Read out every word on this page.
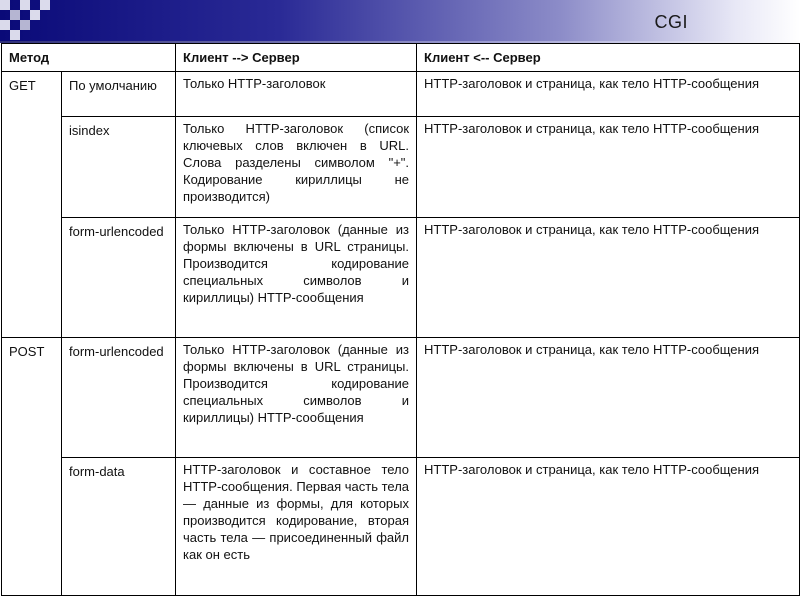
CGI
Метод		Клиент --> Сервер	Клиент <-- Сервер
GET	По умолчанию	Только HTTP-заголовок	HTTP-заголовок и страница, как тело HTTP-сообщения
	isindex	Только HTTP-заголовок (список ключевых слов включен в URL. Слова разделены символом "+". Кодирование кириллицы не производится)	HTTP-заголовок и страница, как тело HTTP-сообщения
	form-urlencoded	Только HTTP-заголовок (данные из формы включены в URL страницы. Производится кодирование специальных символов и кириллицы) HTTP-сообщения	HTTP-заголовок и страница, как тело HTTP-сообщения
POST	form-urlencoded	Только HTTP-заголовок (данные из формы включены в URL страницы. Производится кодирование специальных символов и кириллицы) HTTP-сообщения	HTTP-заголовок и страница, как тело HTTP-сообщения
	form-data	HTTP-заголовок и составное тело HTTP-сообщения. Первая часть тела — данные из формы, для которых производится кодирование, вторая часть тела — присоединенный файл как он есть	HTTP-заголовок и страница, как тело HTTP-сообщения
